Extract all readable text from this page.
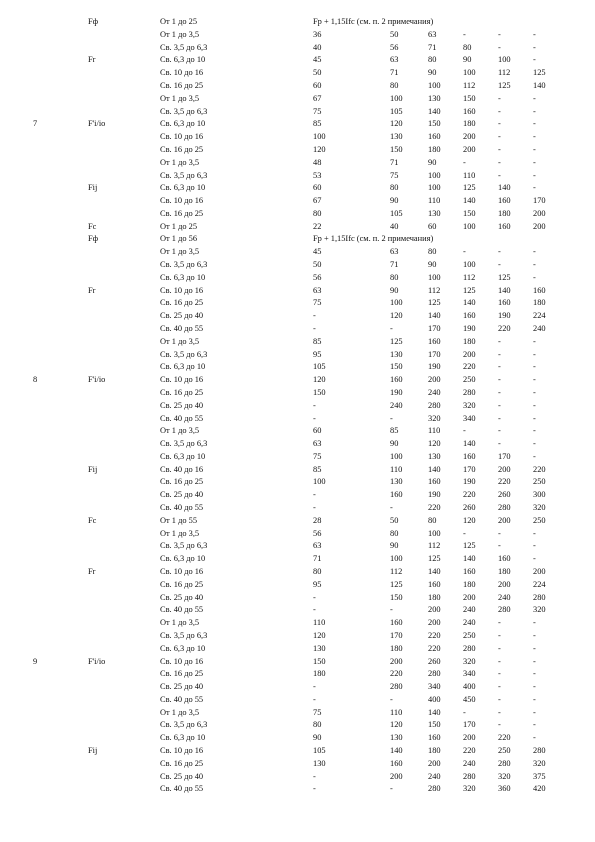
Fф	От 1 до 25	Fр + 1,15Ifc (см. п. 2 примечания)
От 1 до 3,5	36	50	63	-	-	-
Св. 3,5 до 6,3	40	56	71	80	-	-
Fr	Св. 6,3 до 10	45	63	80	90	100	-
Св. 10 до 16	50	71	90	100	112	125
Св. 16 до 25	60	80	100	112	125	140
От 1 до 3,5	67	100	130	150	-	-
Св. 3,5 до 6,3	75	105	140	160	-	-
7	F'i/io	Св. 6,3 до 10	85	120	150	180	-	-
Св. 10 до 16	100	130	160	200	-	-
Св. 16 до 25	120	150	180	200	-	-
От 1 до 3,5	48	71	90	-	-	-
Св. 3,5 до 6,3	53	75	100	110	-	-
Fij	Св. 6,3 до 10	60	80	100	125	140	-
Св. 10 до 16	67	90	110	140	160	170
Св. 16 до 25	80	105	130	150	180	200
Fc	От 1 до 25	22	40	60	100	160	200
Fф	От 1 до 56	Fр + 1,15Ifc (см. п. 2 примечания)
От 1 до 3,5	45	63	80	-	-	-
Св. 3,5 до 6,3	50	71	90	100	-	-
Св. 6,3 до 10	56	80	100	112	125	-
Fr	Св. 10 до 16	63	90	112	125	140	160
Св. 16 до 25	75	100	125	140	160	180
Св. 25 до 40	-	120	140	160	190	224
Св. 40 до 55	-	-	170	190	220	240
От 1 до 3,5	85	125	160	180	-	-
Св. 3,5 до 6,3	95	130	170	200	-	-
Св. 6,3 до 10	105	150	190	220	-	-
8	F'i/io	Св. 10 до 16	120	160	200	250	-	-
Св. 16 до 25	150	190	240	280	-	-
Св. 25 до 40	-	240	280	320	-	-
Св. 40 до 55	-	-	320	340	-	-
От 1 до 3,5	60	85	110	-	-	-
Св. 3,5 до 6,3	63	90	120	140	-	-
Св. 6,3 до 10	75	100	130	160	170	-
Fij	Св. 40 до 16	85	110	140	170	200	220
Св. 16 до 25	100	130	160	190	220	250
Св. 25 до 40	-	160	190	220	260	300
Св. 40 до 55	-	-	220	260	280	320
Fc	От 1 до 55	28	50	80	120	200	250
От 1 до 3,5	56	80	100	-	-	-
Св. 3,5 до 6,3	63	90	112	125	-	-
Св. 6,3 до 10	71	100	125	140	160	-
Fr	Св. 10 до 16	80	112	140	160	180	200
Св. 16 до 25	95	125	160	180	200	224
Св. 25 до 40	-	150	180	200	240	280
Св. 40 до 55	-	-	200	240	280	320
От 1 до 3,5	110	160	200	240	-	-
Св. 3,5 до 6,3	120	170	220	250	-	-
Св. 6,3 до 10	130	180	220	280	-	-
9	F'i/io	Св. 10 до 16	150	200	260	320	-	-
Св. 16 до 25	180	220	280	340	-	-
Св. 25 до 40	-	280	340	400	-	-
Св. 40 до 55	-	-	400	450	-	-
От 1 до 3,5	75	110	140	-	-	-
Св. 3,5 до 6,3	80	120	150	170	-	-
Св. 6,3 до 10	90	130	160	200	220	-
Fij	Св. 10 до 16	105	140	180	220	250	280
Св. 16 до 25	130	160	200	240	280	320
Св. 25 до 40	-	200	240	280	320	375
Св. 40 до 55	-	-	280	320	360	420
